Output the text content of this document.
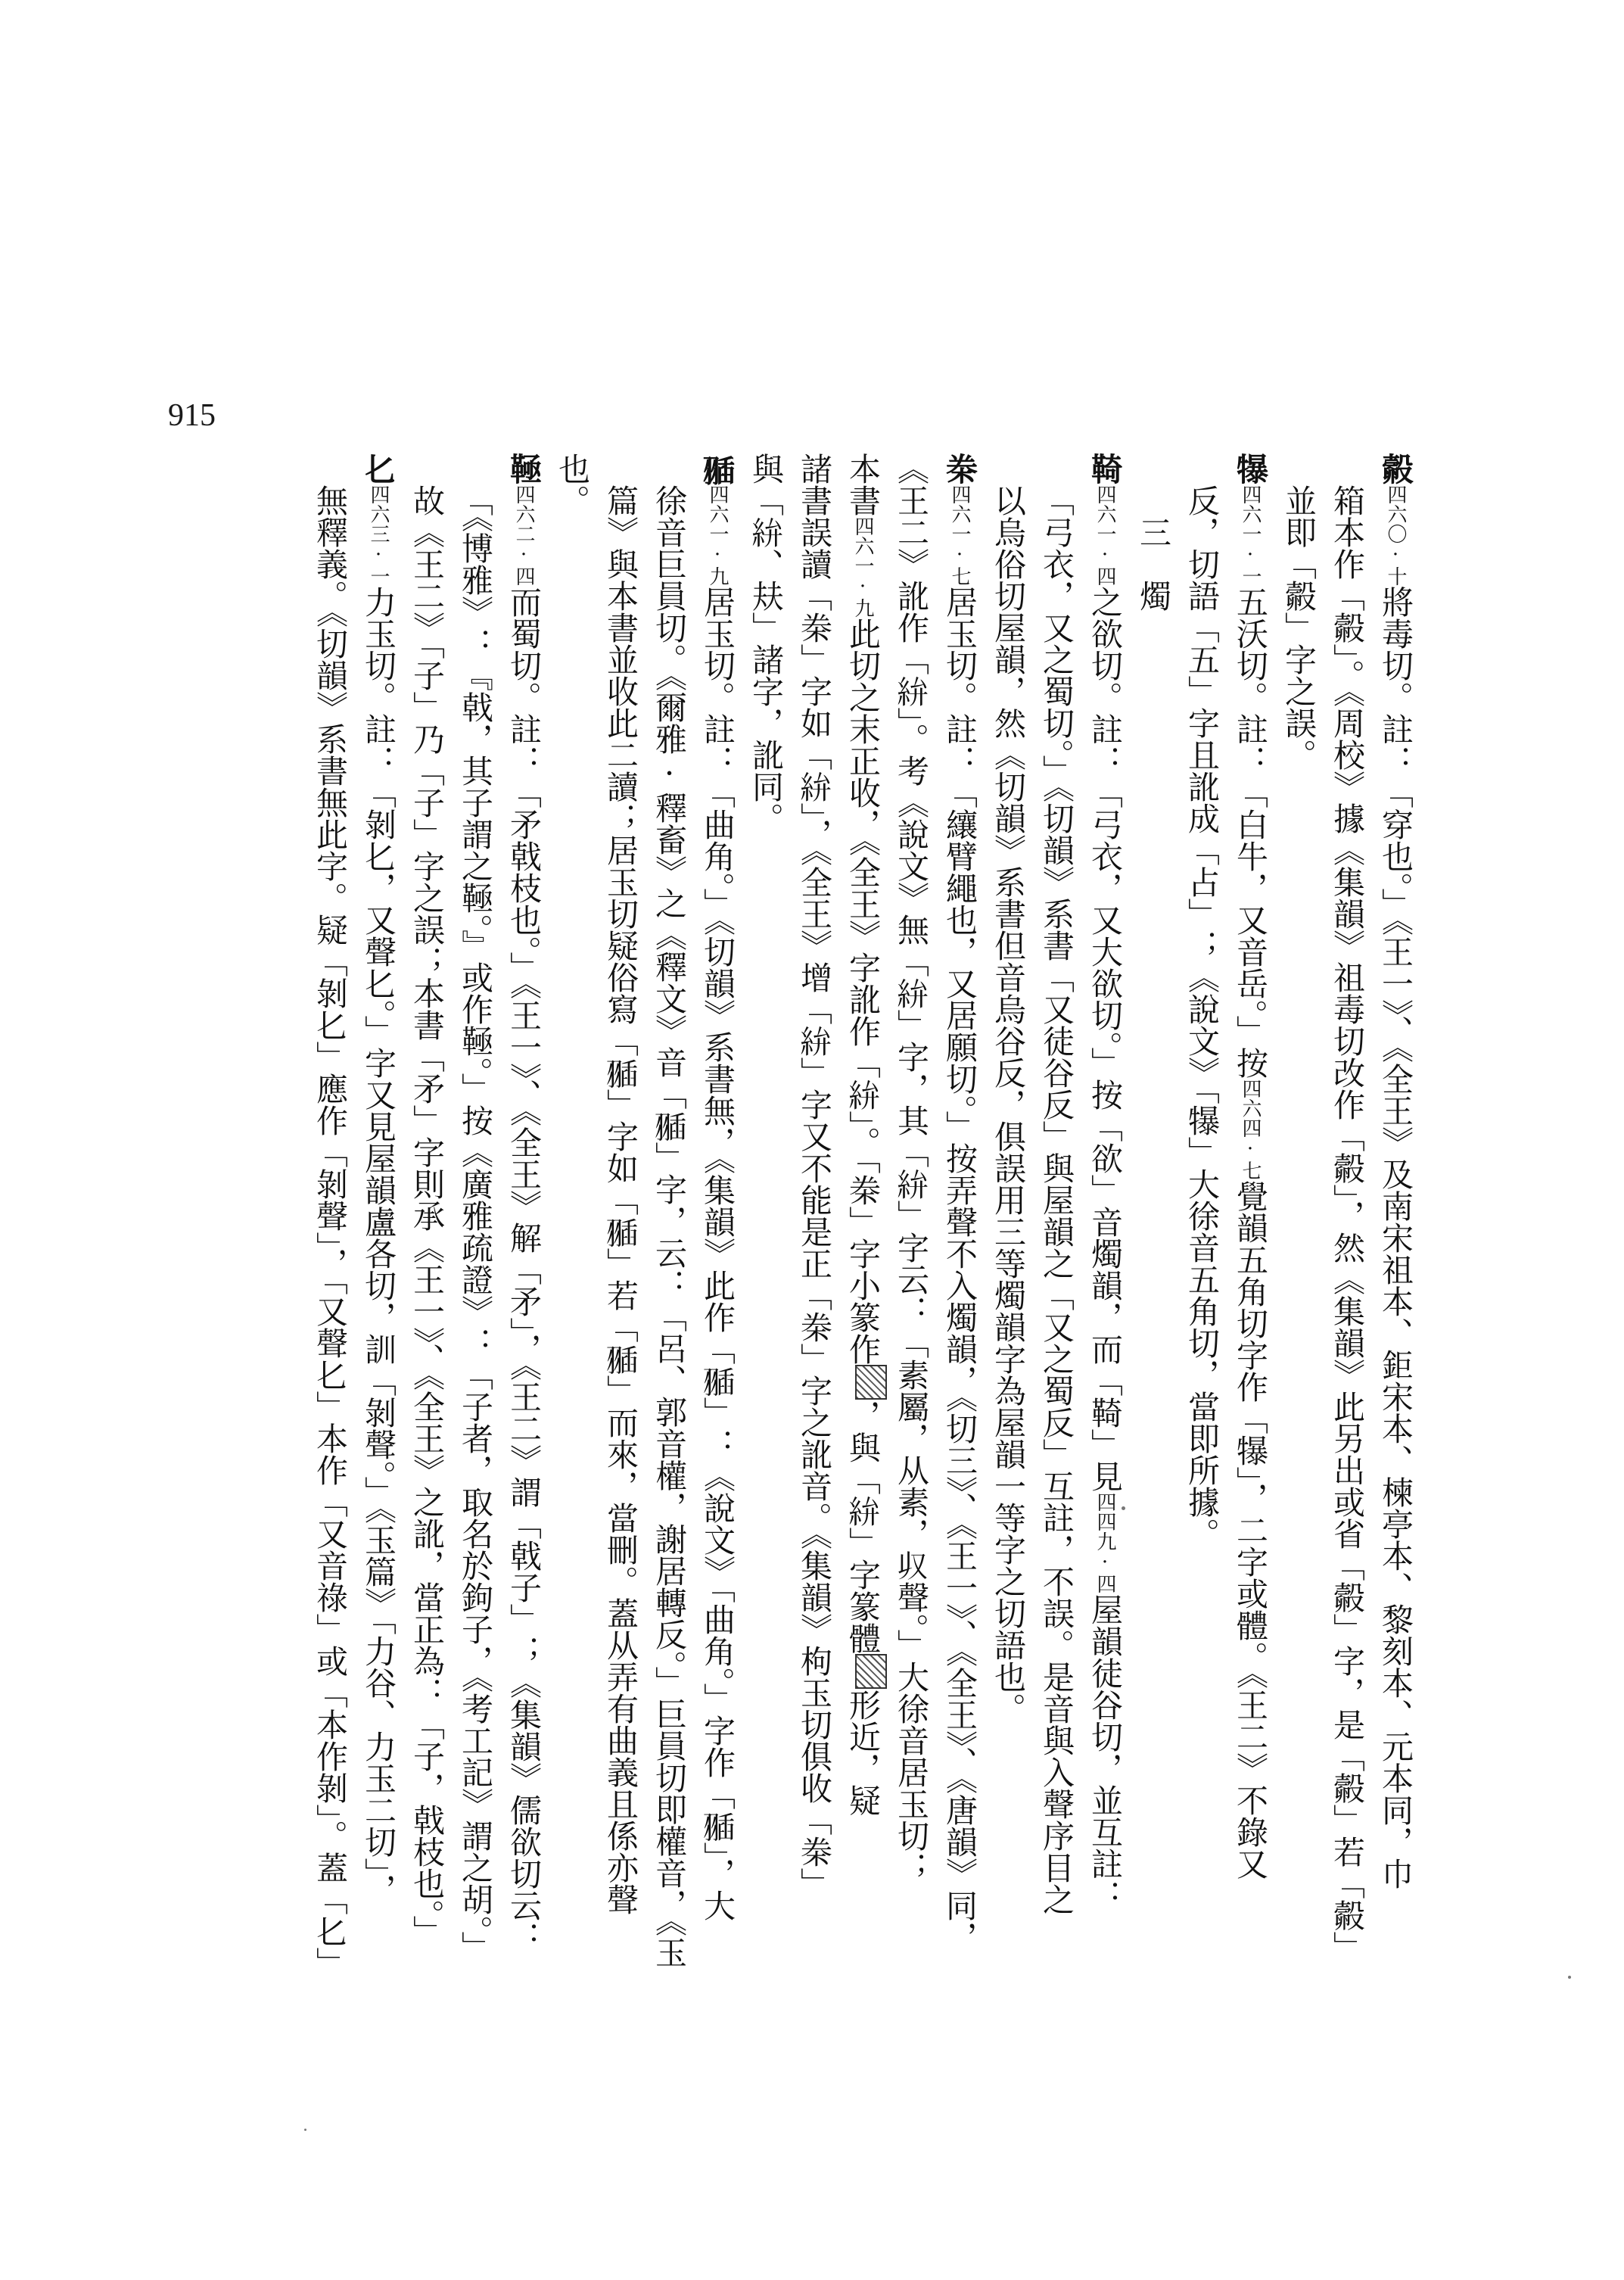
915
㲉四六〇·十將毒切。註：「穿也。」《王一》、《全王》及南宋祖本、鉅宋本、楝亭本、黎刻本、元本同，巾
箱本作「㲉」。《周校》據《集韻》祖毒切改作「㲉」，然《集韻》此另出或省「㲉」字，是「㲉」若「㲉」
並即「㲉」字之誤。
犦四六一·一五沃切。註：「白牛，又音岳。」按四六四·七覺韻五角切字作「犦」，二字或體。《王二》不錄又
反，切語「五」字且訛成「占」；《說文》「犦」大徐音五角切，當即所據。
三　燭
䩭四六一·四之欲切。註：「弓衣，又大欲切。」按「欲」音燭韻，而「䩭」見四四九·四屋韻徒谷切，並互註：
「弓衣，又之蜀切。」《切韻》系書「又徒谷反」與屋韻之「又之蜀反」互註，不誤。是音與入聲序目之
以烏俗切屋韻，然《切韻》系書但音烏谷反，俱誤用三等燭韻字為屋韻一等字之切語也。
桊四六一·七居玉切。註：「纕臂繩也，又居願切。」按弄聲不入燭韻，《切三》、《王一》、《全王》、《唐韻》同，
《王二》訛作「𥿋」。考《說文》無「𥿋」字，其「𥿋」字云：「素屬，从素，𠬞聲。」大徐音居玉切；
本書四六一·九此切之末正收，《全王》字訛作「𥿋」。「桊」字小篆作，與「𥿋」字篆體形近，疑
諸書誤讀「桊」字如「𥿋」，《全王》增「𥿋」字又不能是正「桊」字之訛音。《集韻》枸玉切俱收「桊」
與「𥿋、㚘」諸字，訛同。
𦑣四六一·九居玉切。註：「曲角。」《切韻》系書無，《集韻》此作「𦑣」：《說文》「曲角。」字作「𦑣」，大
徐音巨員切。《爾雅·釋畜》之《釋文》音「𦑣」字，云：「呂、郭音權，謝居轉反。」巨員切即權音，《玉
篇》與本書並收此二讀；居玉切疑俗寫「𦑣」字如「𦑣」若「𦑣」而來，當刪。蓋从弄有曲義且係亦聲
也。
䩯四六二·四而蜀切。註：「矛戟枝也。」《王一》、《全王》解「矛」，《王二》謂「戟子」；《集韻》儒欲切云：
「《博雅》：『戟，其子謂之䩯。』或作䩯。」按《廣雅疏證》：「子者，取名於鉤子，《考工記》謂之胡。」
故《王二》「子」乃「子」字之誤；本書「矛」字則承《王一》、《全王》之訛，當正為：「子，戟枝也。」
𠤎四六三·一力玉切。註：「剝𠤎，又聲𠤎。」字又見屋韻盧各切，訓「剝聲。」《玉篇》「力谷、力玉二切」，
無釋義。《切韻》系書無此字。疑「剝𠤎」應作「剝聲」，「又聲𠤎」本作「又音祿」或「本作剝」。蓋「𠤎」
